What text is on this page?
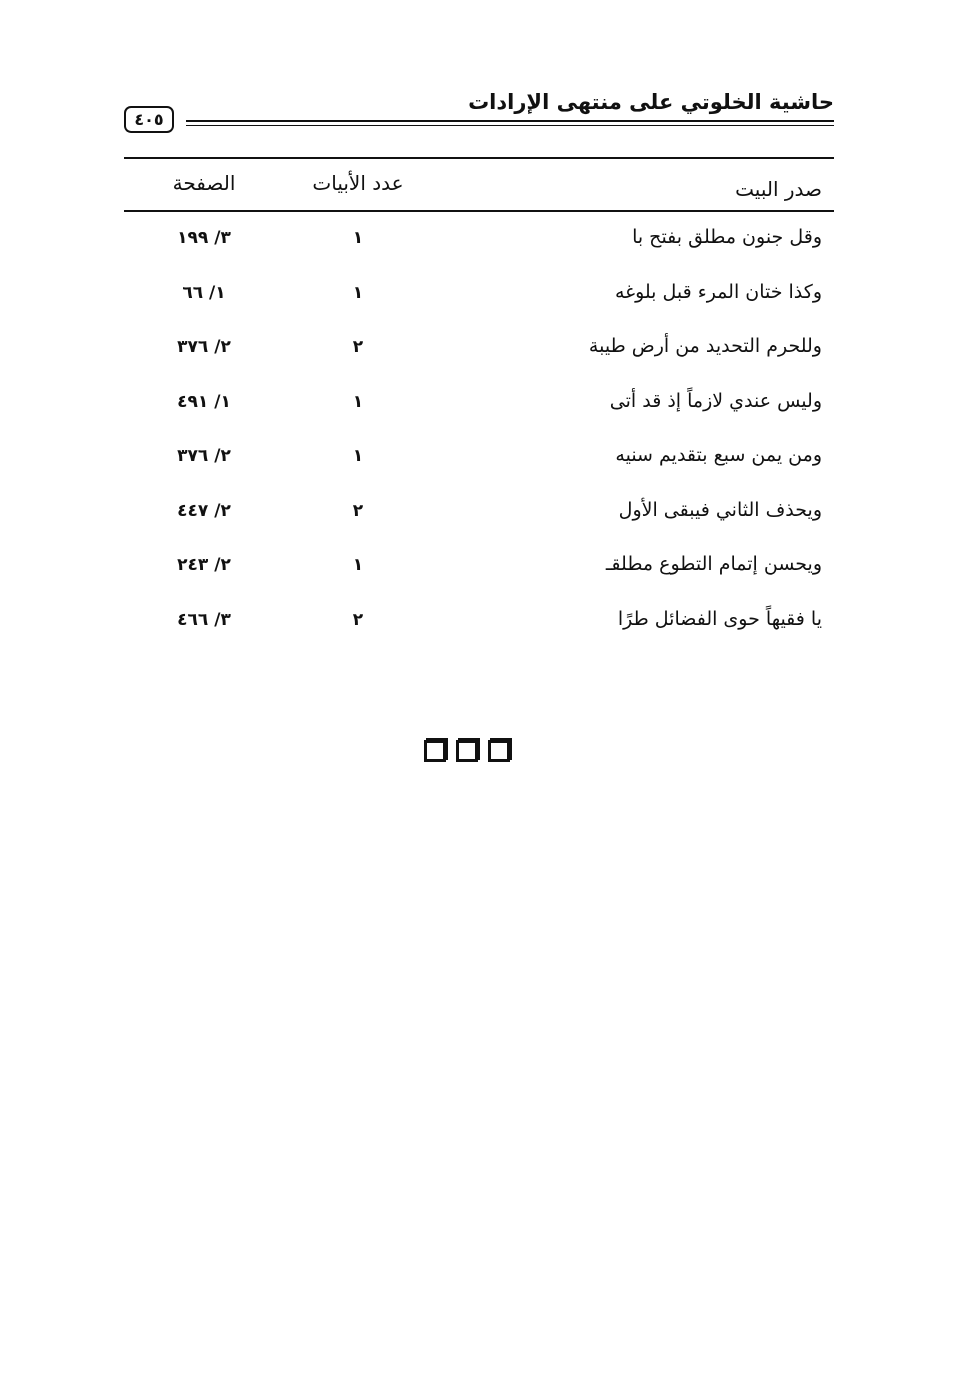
حاشية الخلوتي على منتهى الإرادات
٤٠٥
صدر البيت
عدد الأبيات
الصفحة
وقل جنون مطلق بفتح با
١
٣/ ١٩٩
وكذا ختان المرء قبل بلوغه
١
١/ ٦٦
وللحرم التحديد من أرض طيبة
٢
٢/ ٣٧٦
وليس عندي لازماً إذ قد أتى
١
١/ ٤٩١
ومن يمن سبع بتقديم سنيه
١
٢/ ٣٧٦
ويحذف الثاني فيبقى الأول
٢
٢/ ٤٤٧
ويحسن إتمام التطوع مطلقـ
١
٢/ ٢٤٣
يا فقيهاً حوى الفضائل طرًا
٢
٣/ ٤٦٦
